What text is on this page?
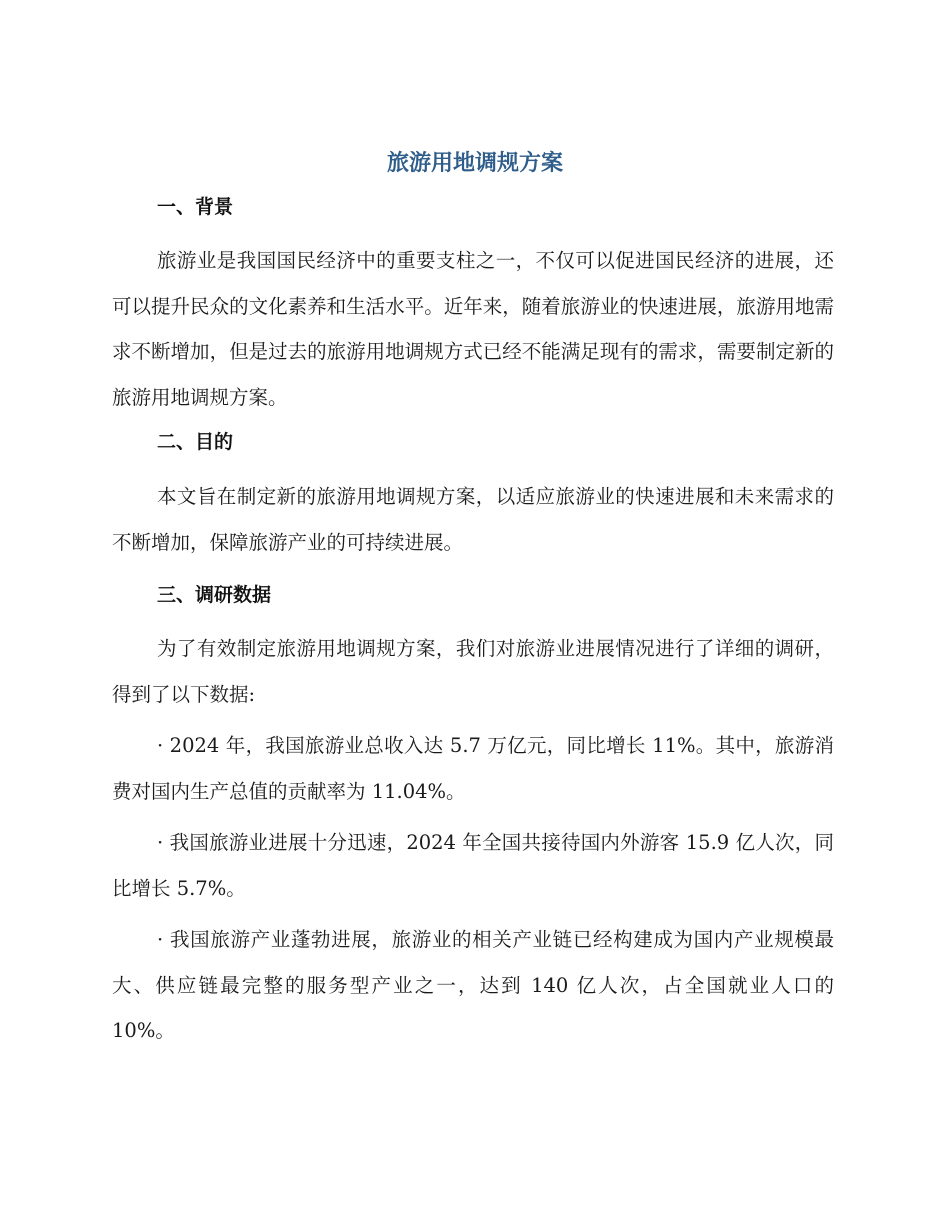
旅游用地调规方案
一、背景
旅游业是我国国民经济中的重要支柱之一，不仅可以促进国民经济的进展，还可以提升民众的文化素养和生活水平。近年来，随着旅游业的快速进展，旅游用地需求不断增加，但是过去的旅游用地调规方式已经不能满足现有的需求，需要制定新的旅游用地调规方案。
二、目的
本文旨在制定新的旅游用地调规方案，以适应旅游业的快速进展和未来需求的不断增加，保障旅游产业的可持续进展。
三、调研数据
为了有效制定旅游用地调规方案，我们对旅游业进展情况进行了详细的调研，得到了以下数据:
· 2024 年，我国旅游业总收入达 5.7 万亿元，同比增长 11%。其中，旅游消费对国内生产总值的贡献率为 11.04%。
· 我国旅游业进展十分迅速，2024 年全国共接待国内外游客 15.9 亿人次，同比增长 5.7%。
· 我国旅游产业蓬勃进展，旅游业的相关产业链已经构建成为国内产业规模最大、供应链最完整的服务型产业之一，达到 140 亿人次，占全国就业人口的 10%。
